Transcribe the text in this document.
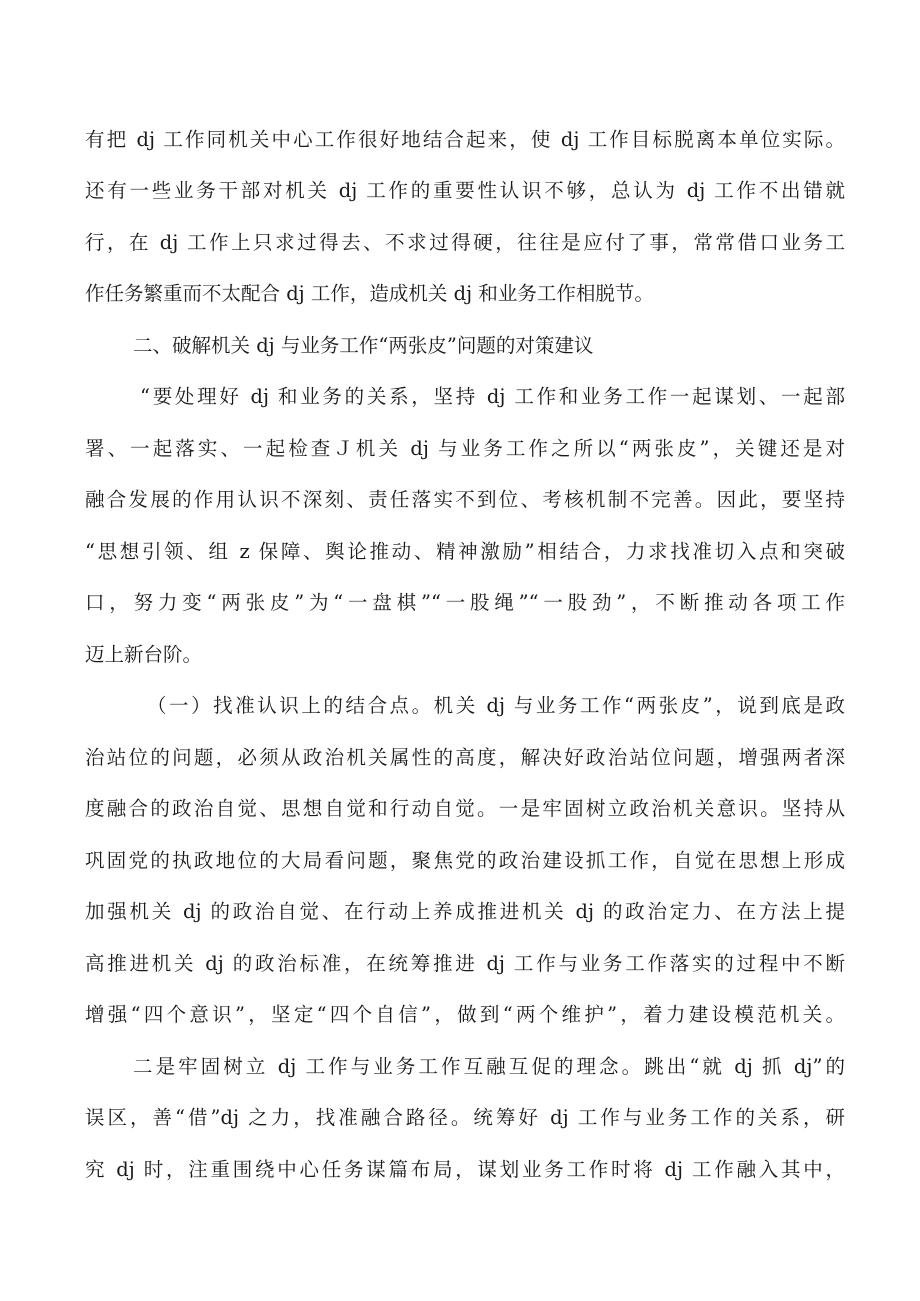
有把 dj 工作同机关中心工作很好地结合起来，使 dj 工作目标脱离本单位实际。
还有一些业务干部对机关 dj 工作的重要性认识不够，总认为 dj 工作不出错就
行，在 dj 工作上只求过得去、不求过得硬，往往是应付了事，常常借口业务工
作任务繁重而不太配合 dj 工作，造成机关 dj 和业务工作相脱节。
二、破解机关 dj 与业务工作“两张皮”问题的对策建议
“要处理好 dj 和业务的关系，坚持 dj 工作和业务工作一起谋划、一起部
署、一起落实、一起检查Ｊ机关 dj 与业务工作之所以“两张皮”，关键还是对
融合发展的作用认识不深刻、责任落实不到位、考核机制不完善。因此，要坚持
“思想引领、组 z 保障、舆论推动、精神激励”相结合，力求找准切入点和突破
口，努力变“两张皮”为“一盘棋”“一股绳”“一股劲”，不断推动各项工作
迈上新台阶。
（一）找准认识上的结合点。机关 dj 与业务工作“两张皮”，说到底是政
治站位的问题，必须从政治机关属性的高度，解决好政治站位问题，增强两者深
度融合的政治自觉、思想自觉和行动自觉。一是牢固树立政治机关意识。坚持从
巩固党的执政地位的大局看问题，聚焦党的政治建设抓工作，自觉在思想上形成
加强机关 dj 的政治自觉、在行动上养成推进机关 dj 的政治定力、在方法上提
高推进机关 dj 的政治标准，在统筹推进 dj 工作与业务工作落实的过程中不断
增强“四个意识”，坚定“四个自信”，做到“两个维护”，着力建设模范机关。
二是牢固树立 dj 工作与业务工作互融互促的理念。跳出“就 dj 抓 dj”的
误区，善“借”dj 之力，找准融合路径。统筹好 dj 工作与业务工作的关系，研
究 dj 时，注重围绕中心任务谋篇布局，谋划业务工作时将 dj 工作融入其中，
